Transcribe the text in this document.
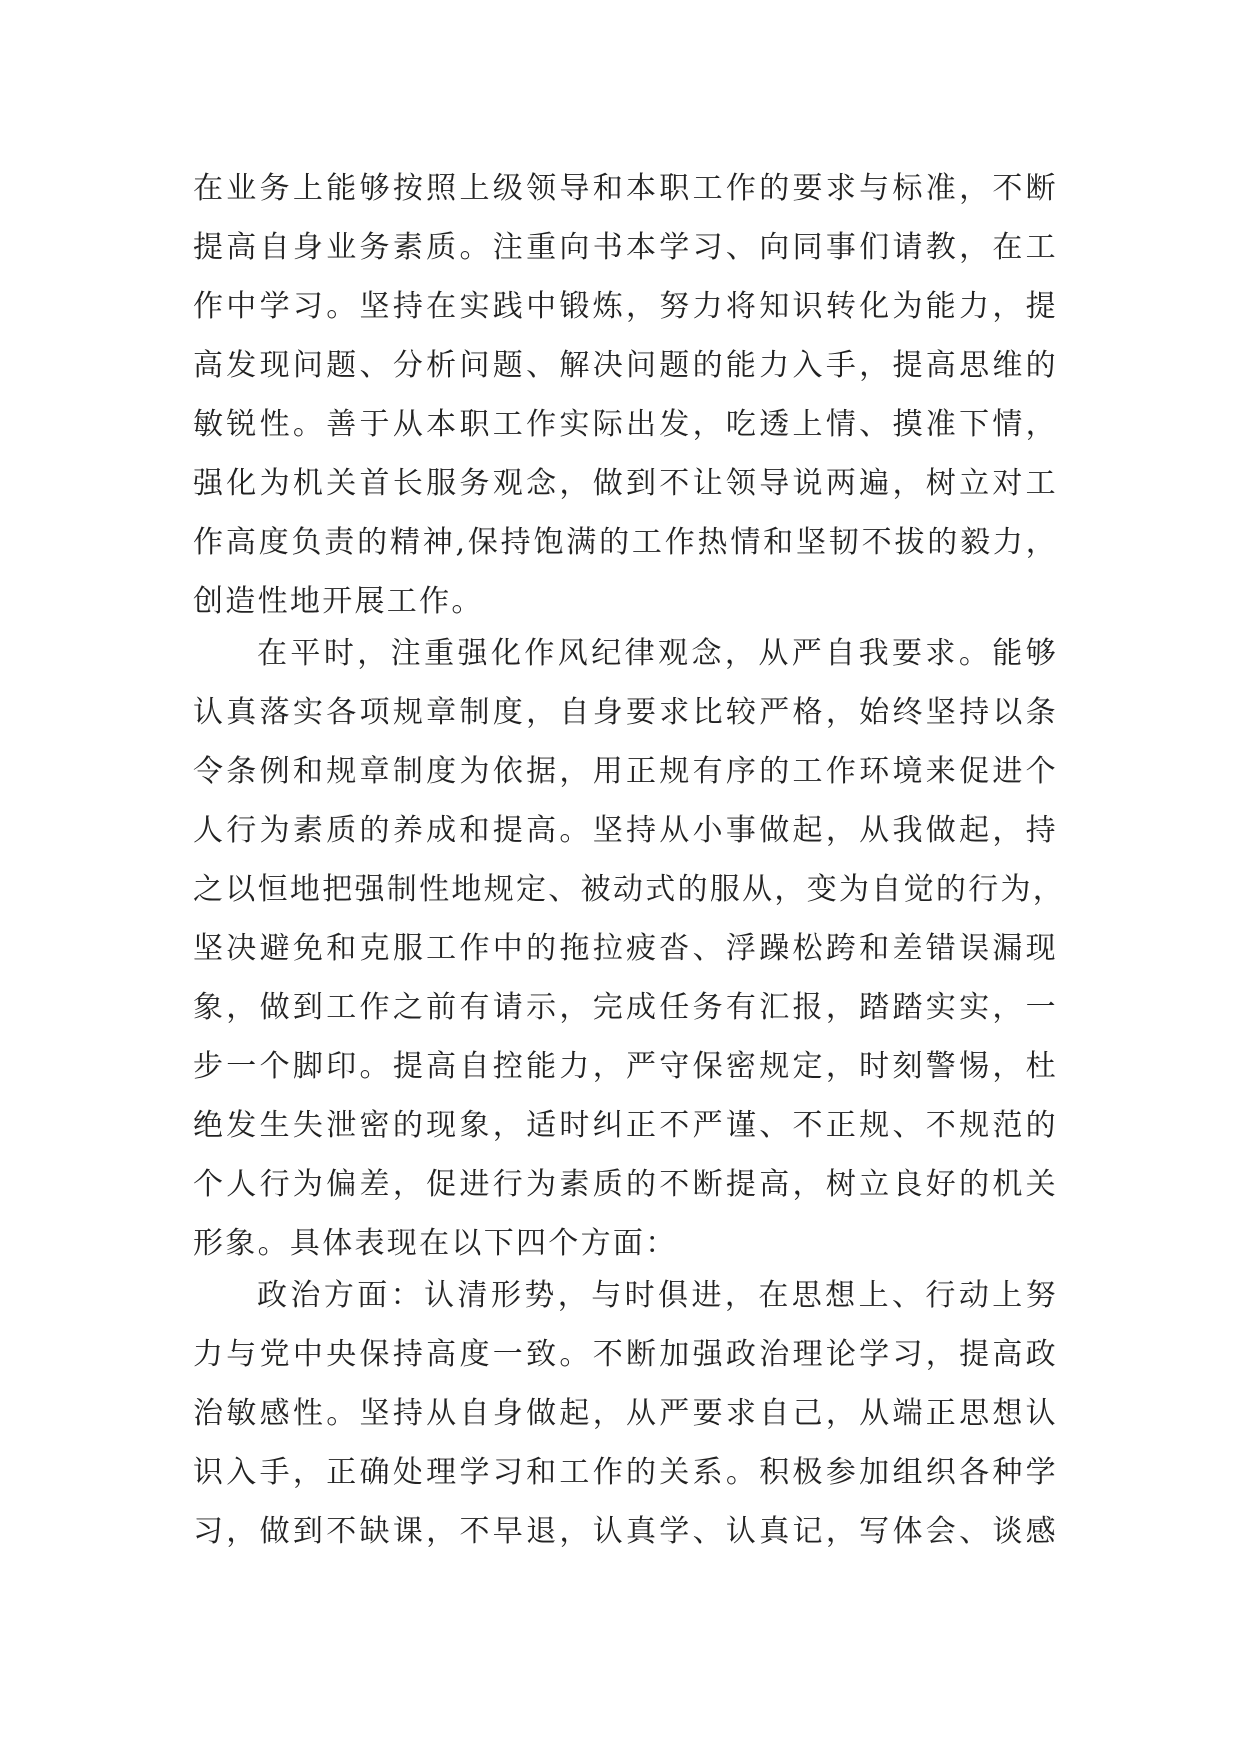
在业务上能够按照上级领导和本职工作的要求与标准，不断
提高自身业务素质。注重向书本学习、向同事们请教，在工
作中学习。坚持在实践中锻炼，努力将知识转化为能力，提
高发现问题、分析问题、解决问题的能力入手，提高思维的
敏锐性。善于从本职工作实际出发，吃透上情、摸准下情，
强化为机关首长服务观念，做到不让领导说两遍，树立对工
作高度负责的精神,保持饱满的工作热情和坚韧不拔的毅力，
创造性地开展工作。
在平时，注重强化作风纪律观念，从严自我要求。能够
认真落实各项规章制度，自身要求比较严格，始终坚持以条
令条例和规章制度为依据，用正规有序的工作环境来促进个
人行为素质的养成和提高。坚持从小事做起，从我做起，持
之以恒地把强制性地规定、被动式的服从，变为自觉的行为，
坚决避免和克服工作中的拖拉疲沓、浮躁松跨和差错误漏现
象，做到工作之前有请示，完成任务有汇报，踏踏实实，一
步一个脚印。提高自控能力，严守保密规定，时刻警惕，杜
绝发生失泄密的现象，适时纠正不严谨、不正规、不规范的
个人行为偏差，促进行为素质的不断提高，树立良好的机关
形象。具体表现在以下四个方面：
政治方面：认清形势，与时俱进，在思想上、行动上努
力与党中央保持高度一致。不断加强政治理论学习，提高政
治敏感性。坚持从自身做起，从严要求自己，从端正思想认
识入手，正确处理学习和工作的关系。积极参加组织各种学
习，做到不缺课，不早退，认真学、认真记，写体会、谈感
